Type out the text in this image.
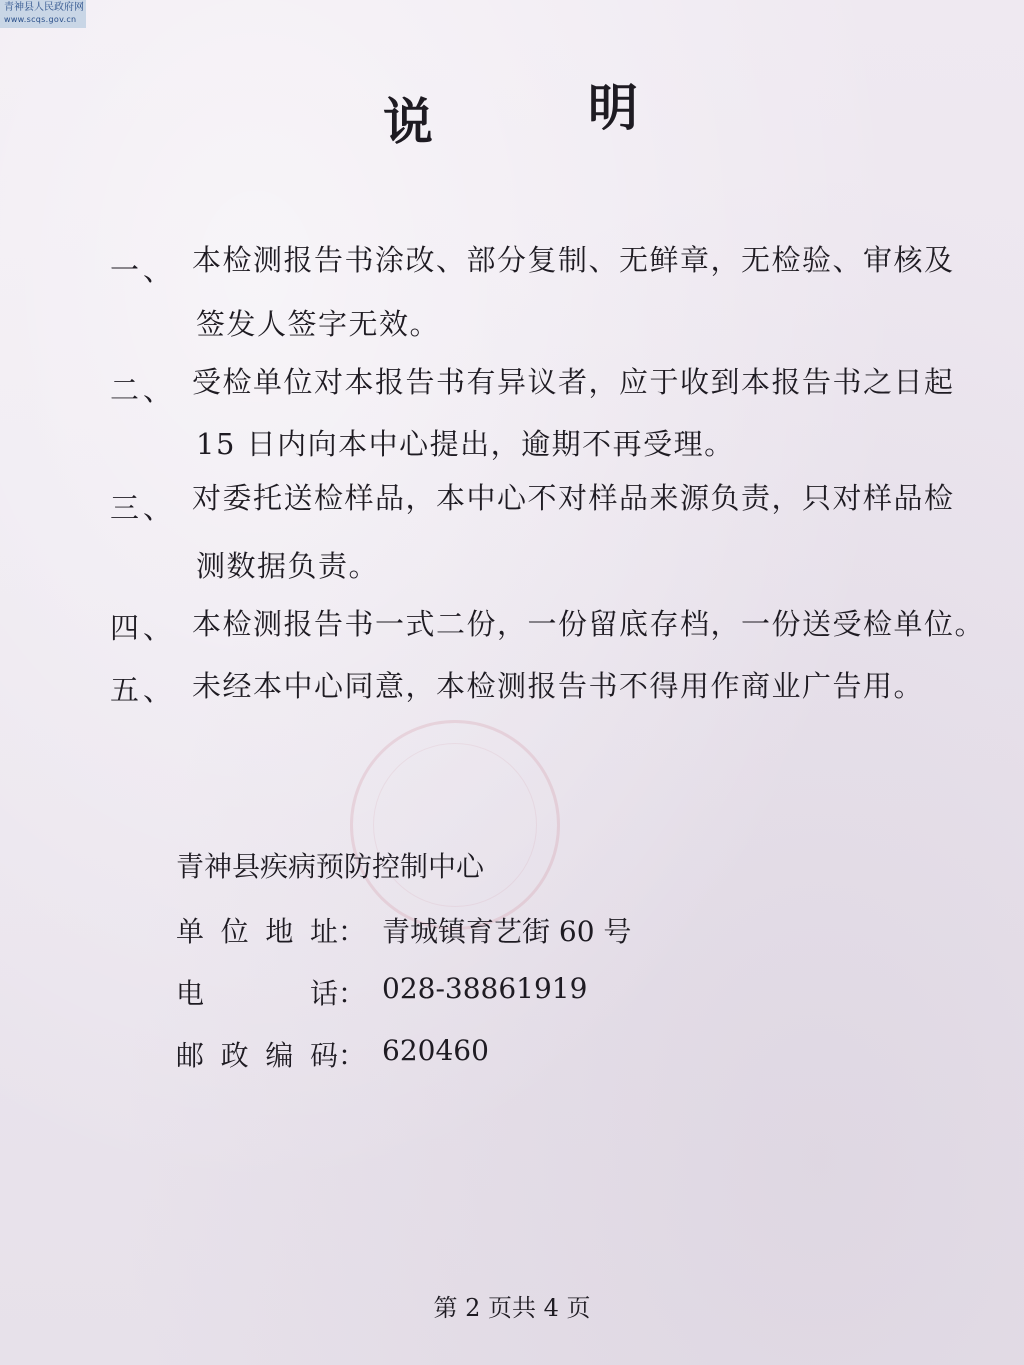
青神县人民政府网
www.scqs.gov.cn
说	明
一、 本检测报告书涂改、部分复制、无鲜章，无检验、审核及
签发人签字无效。
二、 受检单位对本报告书有异议者，应于收到本报告书之日起
15 日内向本中心提出，逾期不再受理。
三、 对委托送检样品，本中心不对样品来源负责，只对样品检
测数据负责。
四、 本检测报告书一式二份，一份留底存档，一份送受检单位。
五、 未经本中心同意，本检测报告书不得用作商业广告用。
青神县疾病预防控制中心
单 位 地 址： 青城镇育艺街 60 号
电	话： 028-38861919
邮 政 编 码： 620460
第 2 页共 4 页
